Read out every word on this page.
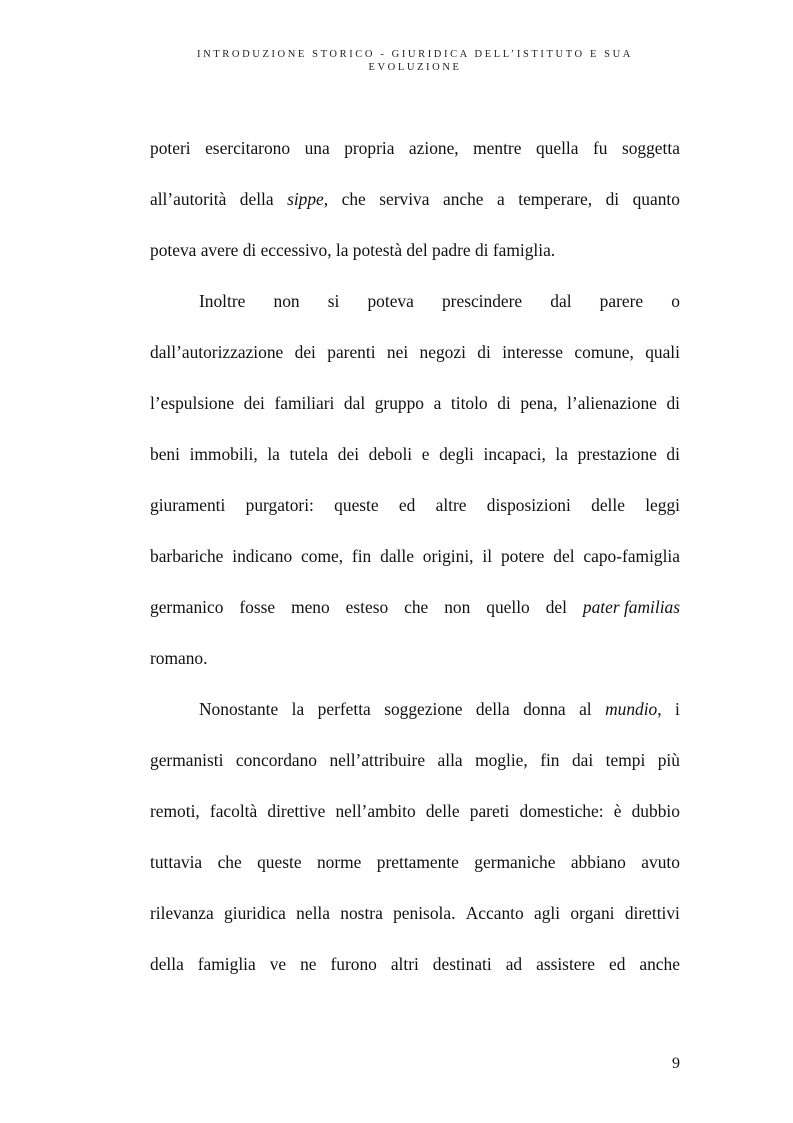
INTRODUZIONE STORICO - GIURIDICA DELL’ISTITUTO E SUA
EVOLUZIONE
poteri esercitarono una propria azione, mentre quella fu soggetta
all’autorità della sippe, che serviva anche a temperare, di quanto
poteva avere di eccessivo, la potestà del padre di famiglia.
Inoltre non si poteva prescindere dal parere o
dall’autorizzazione dei parenti nei negozi di interesse comune, quali
l’espulsione dei familiari dal gruppo a titolo di pena, l’alienazione di
beni immobili, la tutela dei deboli e degli incapaci, la prestazione di
giuramenti purgatori: queste ed altre disposizioni delle leggi
barbariche indicano come, fin dalle origini, il potere del capo-famiglia
germanico fosse meno esteso che non quello del pater familias
romano.
Nonostante la perfetta soggezione della donna al mundio, i
germanisti concordano nell’attribuire alla moglie, fin dai tempi più
remoti, facoltà direttive nell’ambito delle pareti domestiche: è dubbio
tuttavia che queste norme prettamente germaniche abbiano avuto
rilevanza giuridica nella nostra penisola. Accanto agli organi direttivi
della famiglia ve ne furono altri destinati ad assistere ed anche
9
